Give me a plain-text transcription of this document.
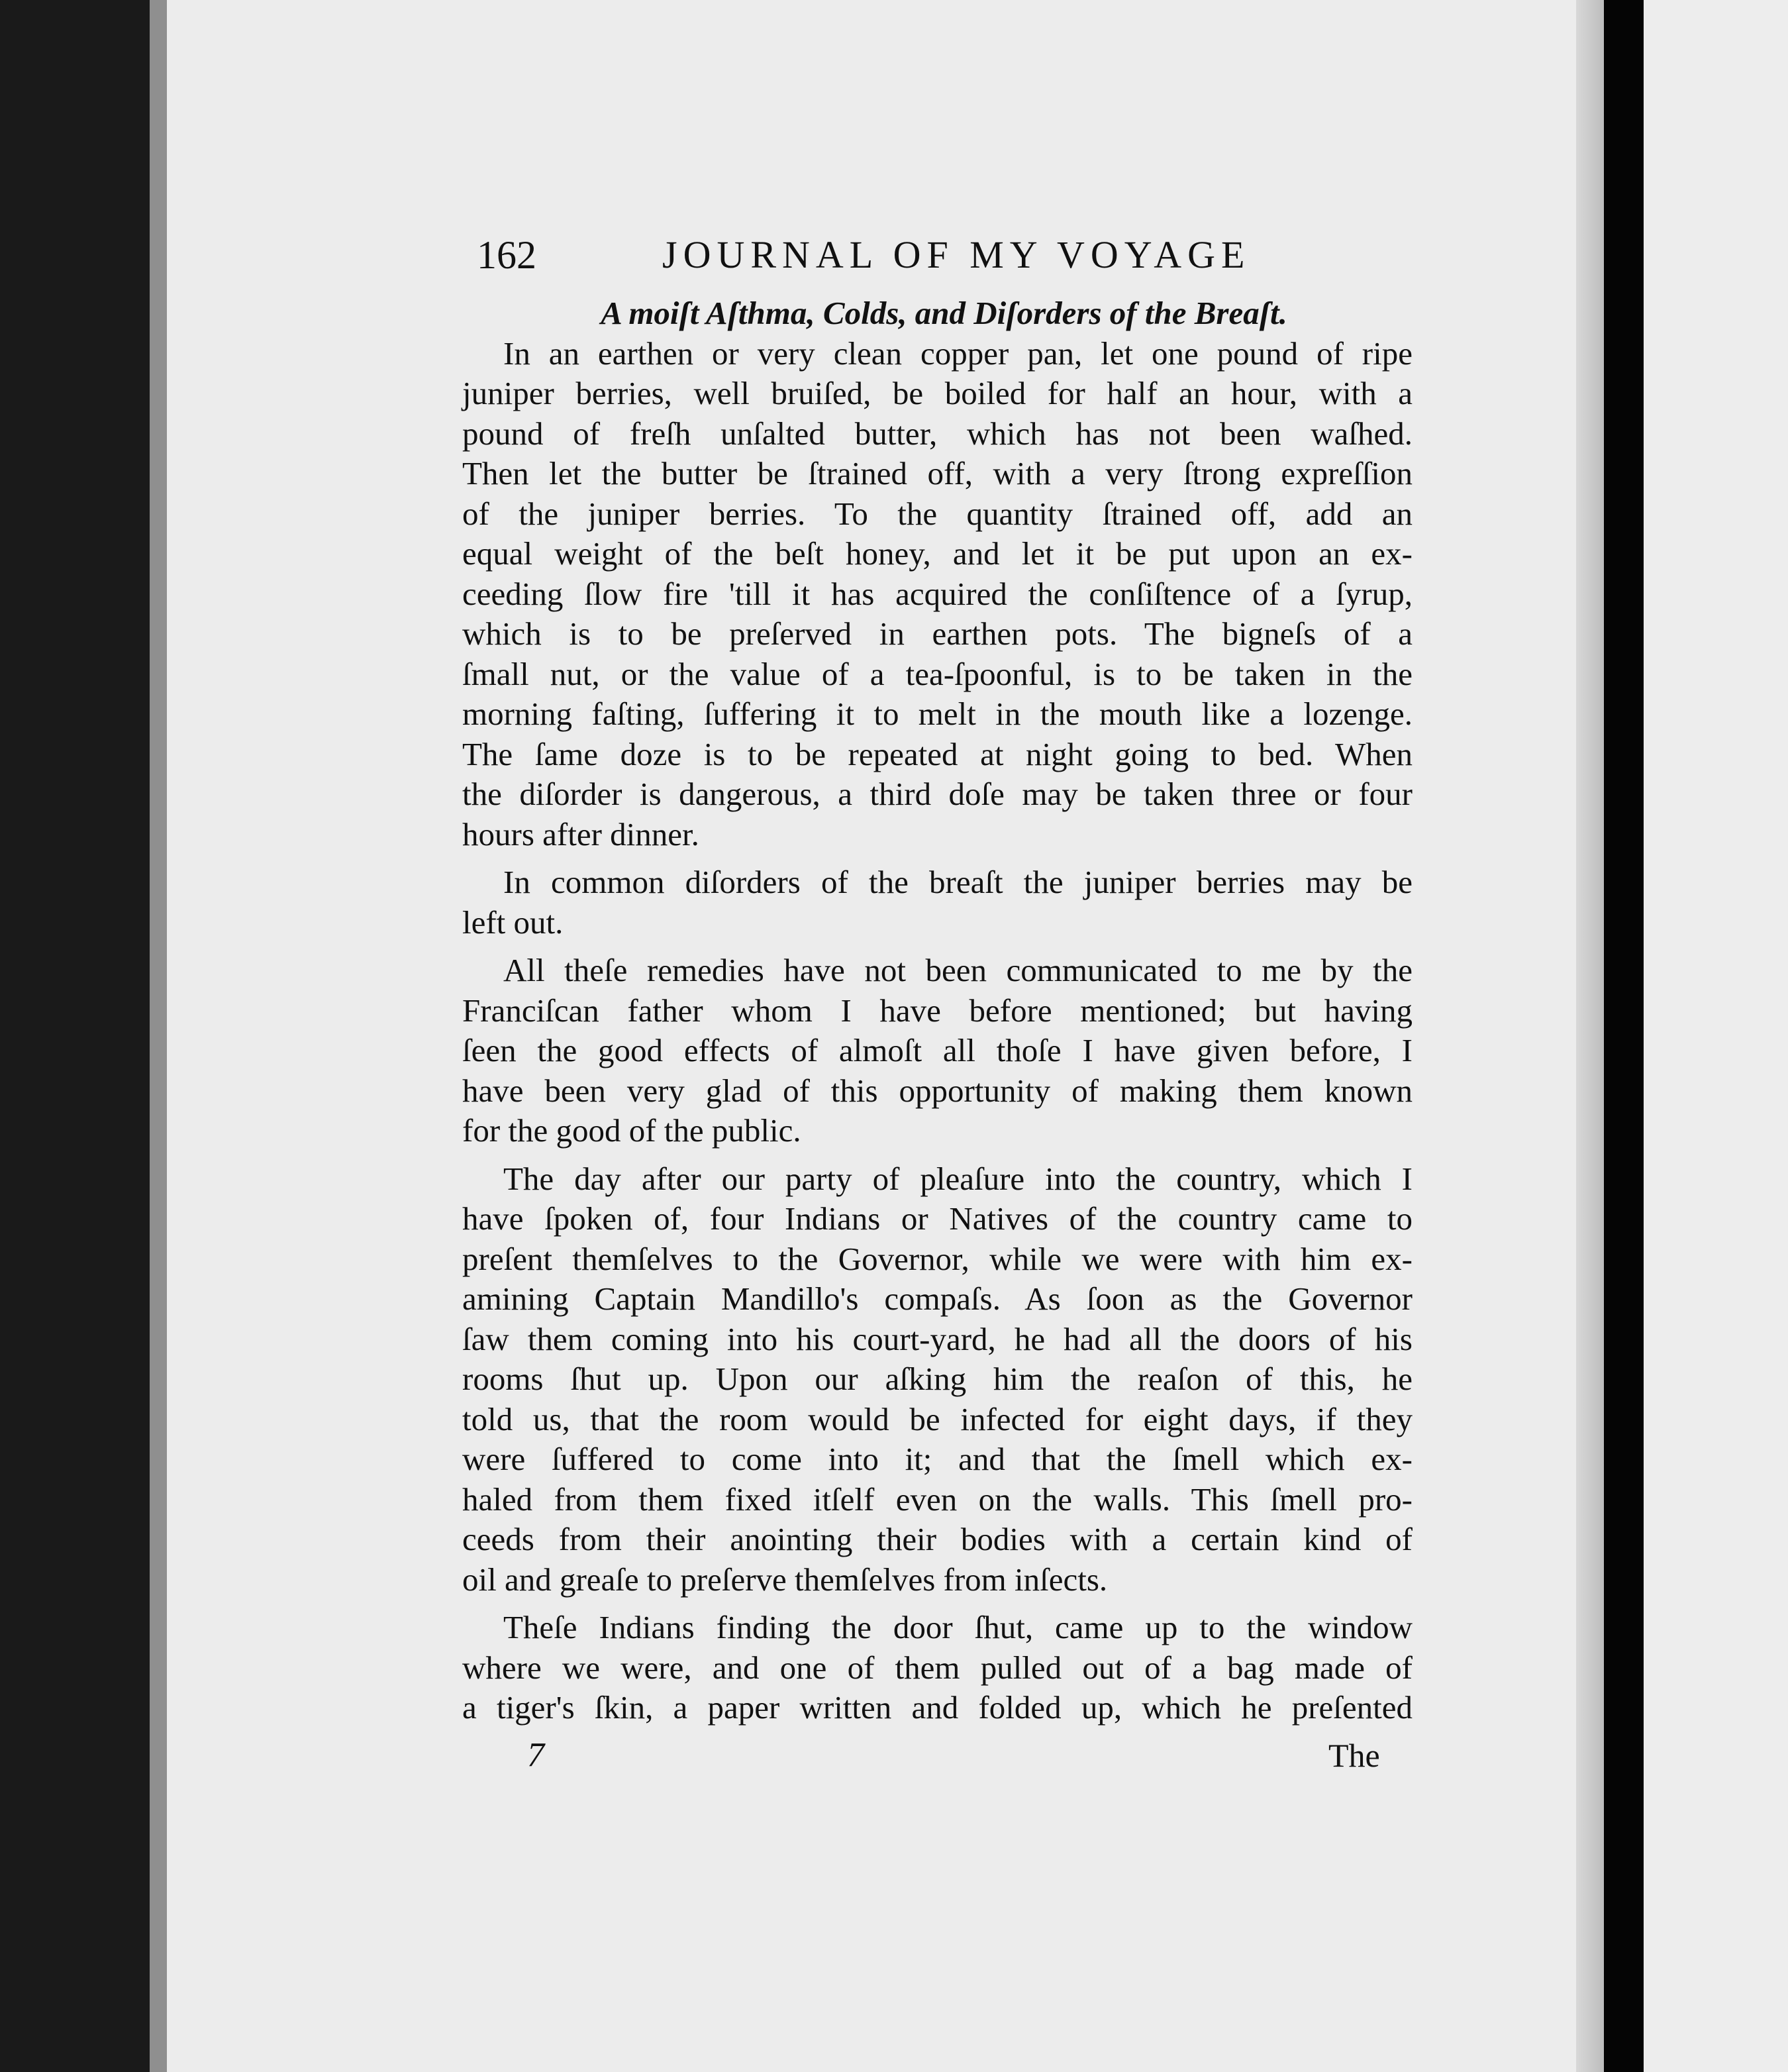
162	JOURNAL OF MY VOYAGE

A moiſt Aſthma, Colds, and Diſorders of the Breaſt.

In an earthen or very clean copper pan, let one pound of ripe
juniper berries, well bruiſed, be boiled for half an hour, with a
pound of freſh unſalted butter, which has not been waſhed.
Then let the butter be ſtrained off, with a very ſtrong expreſſion
of the juniper berries. To the quantity ſtrained off, add an
equal weight of the beſt honey, and let it be put upon an ex-
ceeding ſlow fire 'till it has acquired the conſiſtence of a ſyrup,
which is to be preſerved in earthen pots. The bigneſs of a
ſmall nut, or the value of a tea-ſpoonful, is to be taken in the
morning faſting, ſuffering it to melt in the mouth like a lozenge.
The ſame doze is to be repeated at night going to bed. When
the diſorder is dangerous, a third doſe may be taken three or four
hours after dinner.
In common diſorders of the breaſt the juniper berries may be
left out.
All theſe remedies have not been communicated to me by the
Franciſcan father whom I have before mentioned; but having
ſeen the good effects of almoſt all thoſe I have given before, I
have been very glad of this opportunity of making them known
for the good of the public.
The day after our party of pleaſure into the country, which I
have ſpoken of, four Indians or Natives of the country came to
preſent themſelves to the Governor, while we were with him ex-
amining Captain Mandillo's compaſs. As ſoon as the Governor
ſaw them coming into his court-yard, he had all the doors of his
rooms ſhut up. Upon our aſking him the reaſon of this, he
told us, that the room would be infected for eight days, if they
were ſuffered to come into it; and that the ſmell which ex-
haled from them fixed itſelf even on the walls. This ſmell pro-
ceeds from their anointing their bodies with a certain kind of
oil and greaſe to preſerve themſelves from inſects.
Theſe Indians finding the door ſhut, came up to the window
where we were, and one of them pulled out of a bag made of
a tiger's ſkin, a paper written and folded up, which he preſented
7	The
